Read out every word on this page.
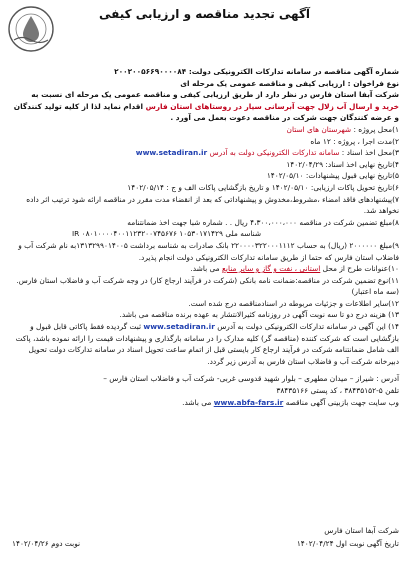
آگهی تجدید مناقصه و ارزیابی کیفی

شماره آگهی مناقصه در سامانه تدارکات الکترونیکی دولت: ۲۰۰۲۰۰۵۶۶۹۰۰۰۰۸۴

نوع فراخوان : ارزیابی کیفی و مناقصه عمومی یک مرحله ای

شرکت آبفا استان فارس در نظر دارد از طریق ارزیابی کیفی و مناقصه عمومی یک مرحله ای نسبت به خرید و ارسال آب زلال جهت آبرسانی سیار در روستاهای استان فارس اقدام نماید لذا از کلیه تولید کنندگان و عرضه کنندگان جهت شرکت در مناقصه دعوت بعمل می آورد .

۱)محل پروژه : شهرستان های استان

۲)مدت اجرا ، پروژه : ۱۲ ماه

۳)محل اخذ اسناد : سامانه تدارکات الکترونیکی دولت به آدرس www.setadiran.ir

۴)تاریخ نهایی اخذ اسناد: ۱۴۰۲/۰۴/۲۹

۵)تاریخ نهایی قبول پیشنهادات: ۱۴۰۲/۰۵/۱۰

۶)تاریخ تحویل پاکات ارزیابی: ۱۴۰۲/۰۵/۱۰ و تاریخ بازگشایی پاکات الف و ج : ۱۴۰۲/۰۵/۱۴

۷)پیشنهادهای فاقد امضاء ،مشروط،مخدوش و پیشنهاداتی که بعد از انقضاء مدت مقرر در مناقصه ارائه شود ترتیب اثر داده نخواهد شد.

۸)مبلغ تضمین شرکت در مناقصه ۴،۳۰۰،۰۰۰،۰۰۰ ریال . . شماره شبا جهت اخذ ضمانتنامه

IR ۰۸۰۱۰۰۰۰۴۰۰۱۱۲۳۲۰۰۷۴۵۶۷۶ شناسه ملی ۱۰۵۳۰۱۷۱۴۲۹

۹)مبلغ ۲۰۰۰۰۰۰ (ریال) به حساب ۲۲۰۰۰۰۳۲۲۰۰۰۱۱۱۲ بانک صادرات به شناسه برداشت ۱۳۱۳۲۹۹۰۱۴۰۰۵به نام شرکت آب و فاضلاب استان فارس که حتما از طریق سامانه تدارکات الکترونیکی دولت انجام پذیرد.

۱۰)عنوانات طرح از محل استانی ، نفت و گاز و سایر منابع می باشد.

۱۱)نوع تضمین شرکت در مناقصه:ضمانت نامه بانکی (شرکت در فرآیند ارجاع کار) در وجه شرکت آب و فاضلاب استان فارس.(سه ماه اعتبار)

۱۲)سایر اطلاعات و جزئیات مربوطه در اسنادمناقصه درج شده است.

۱۳) هزینه درج دو تا سه نوبت آگهی در روزنامه کثیرالانتشار به عهده برنده مناقصه می باشد.

۱۴) این آگهی در سامانه تدارکات الکترونیکی دولت به آدرس www.setadiran.ir ثبت گردیده فقط پاکاتی قابل قبول و بازگشایی است که شرکت کننده (مناقصه گر) کلیه مدارک را در سامانه بارگذاری و پیشنهادات قیمت را ارائه نموده باشد، پاکت الف شامل ضمانتنامه شرکت در فرآیند ارجاع کار بایستی قبل از اتمام ساعت تحویل اسناد در سامانه تدارکات دولت تحویل دبیرخانه شرکت آب و فاضلاب استان فارس به آدرس زیر گردد.

آدرس : شیراز – میدان مطهری – بلوار شهید قدوسی غربی- شرکت آب و فاضلاب استان فارس –

تلفن ۵-۳۸۴۳۵۱۵۲ ، کد پستی ۳۸۴۳۵۱۶۶

وب سایت جهت بازبینی آگهی مناقصه www.abfa-fars.ir می باشد.

شرکت آبفا استان فارس

تاریخ آگهی نوبت اول ۱۴۰۲/۰۴/۲۴
نوبت دوم ۱۴۰۲/۰۴/۲۶
